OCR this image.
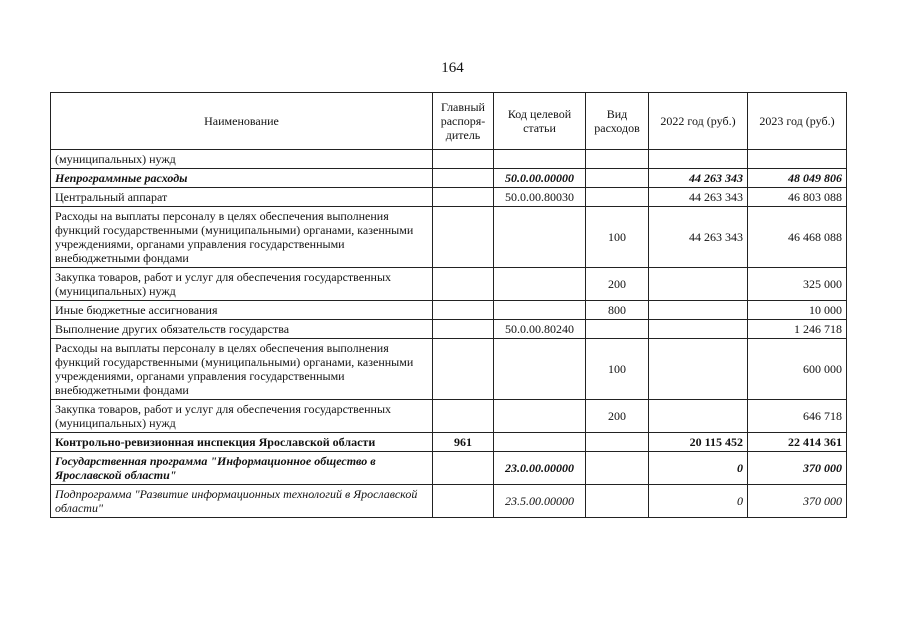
164
Наименование	Главный распоря-дитель	Код целевой статьи	Вид расходов	2022 год (руб.)	2023 год (руб.)
(муниципальных) нужд					
Непрограммные расходы		50.0.00.00000		44 263 343	48 049 806
Центральный аппарат		50.0.00.80030		44 263 343	46 803 088
Расходы на выплаты персоналу в целях обеспечения выполнения функций государственными (муниципальными) органами, казенными учреждениями, органами управления государственными внебюджетными фондами			100	44 263 343	46 468 088
Закупка товаров, работ и услуг для обеспечения государственных (муниципальных) нужд			200		325 000
Иные бюджетные ассигнования			800		10 000
Выполнение других обязательств государства		50.0.00.80240			1 246 718
Расходы на выплаты персоналу в целях обеспечения выполнения функций государственными (муниципальными) органами, казенными учреждениями, органами управления государственными внебюджетными фондами			100		600 000
Закупка товаров, работ и услуг для обеспечения государственных (муниципальных) нужд			200		646 718
Контрольно-ревизионная инспекция Ярославской области	961			20 115 452	22 414 361
Государственная программа "Информационное общество в Ярославской области"		23.0.00.00000		0	370 000
Подпрограмма "Развитие информационных технологий в Ярославской области"		23.5.00.00000		0	370 000
